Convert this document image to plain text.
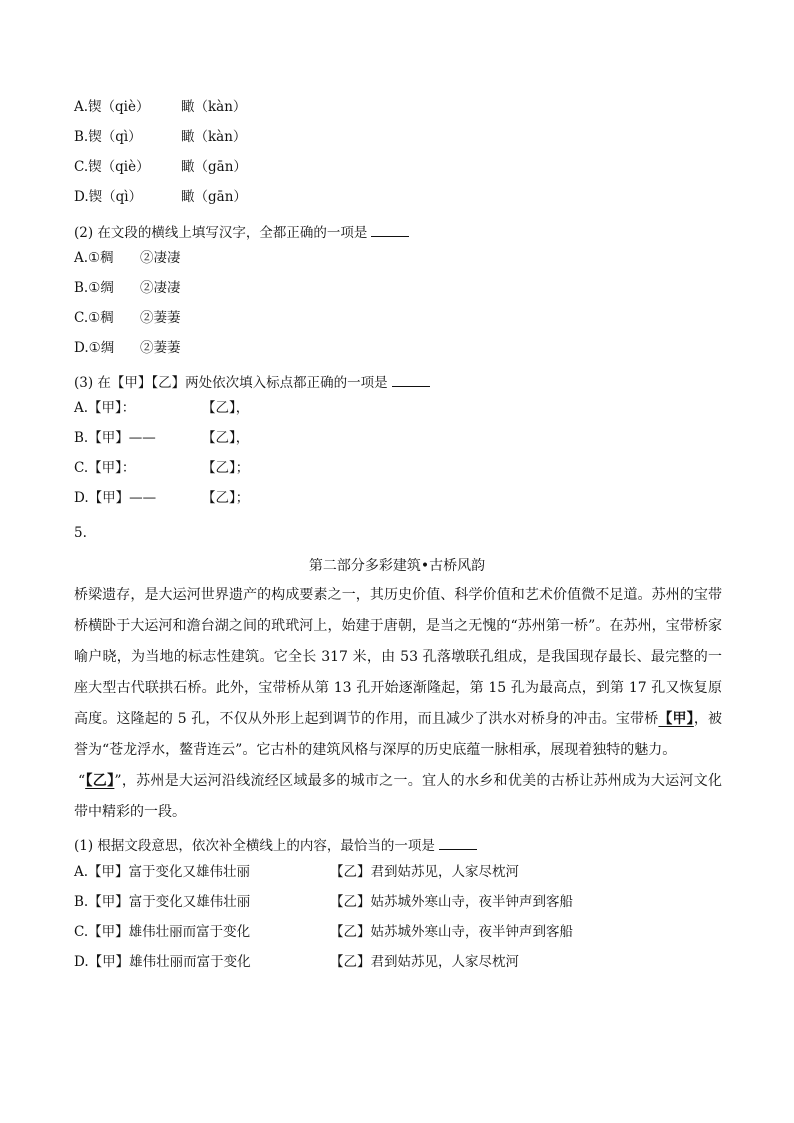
A.锲（qiè） 瞰（kàn）
B.锲（qì）	瞰（kàn）
C.锲（qiè） 瞰（gān）
D.锲（qì）	瞰（gān）
(2) 在文段的横线上填写汉字，全都正确的一项是
A.①稠 ②凄凄
B.①绸 ②凄凄
C.①稠 ②萋萋
D.①绸 ②萋萋
(3) 在【甲】【乙】两处依次填入标点都正确的一项是
A.【甲】：	【乙】，
B.【甲】——	【乙】，
C.【甲】：	【乙】；
D.【甲】——	【乙】；
5.
第二部分多彩建筑•古桥风韵
桥梁遗存，是大运河世界遗产的构成要素之一，其历史价值、科学价值和艺术价值微不足道。苏州的宝带桥横卧于大运河和澹台湖之间的玳玳河上，始建于唐朝，是当之无愧的“苏州第一桥”。在苏州，宝带桥家喻户晓，为当地的标志性建筑。它全长 317 米，由 53 孔落墩联孔组成，是我国现存最长、最完整的一座大型古代联拱石桥。此外，宝带桥从第 13 孔开始逐渐隆起，第 15 孔为最高点，到第 17 孔又恢复原高度。这隆起的 5 孔，不仅从外形上起到调节的作用，而且减少了洪水对桥身的冲击。宝带桥【甲】，被誉为“苍龙浮水，鳌背连云”。它古朴的建筑风格与深厚的历史底蕴一脉相承，展现着独特的魅力。
“【乙】”，苏州是大运河沿线流经区域最多的城市之一。宜人的水乡和优美的古桥让苏州成为大运河文化带中精彩的一段。
(1) 根据文段意思，依次补全横线上的内容，最恰当的一项是
A.【甲】富于变化又雄伟壮丽	【乙】君到姑苏见，人家尽枕河
B.【甲】富于变化又雄伟壮丽	【乙】姑苏城外寒山寺，夜半钟声到客船
C.【甲】雄伟壮丽而富于变化	【乙】姑苏城外寒山寺，夜半钟声到客船
D.【甲】雄伟壮丽而富于变化	【乙】君到姑苏见，人家尽枕河
